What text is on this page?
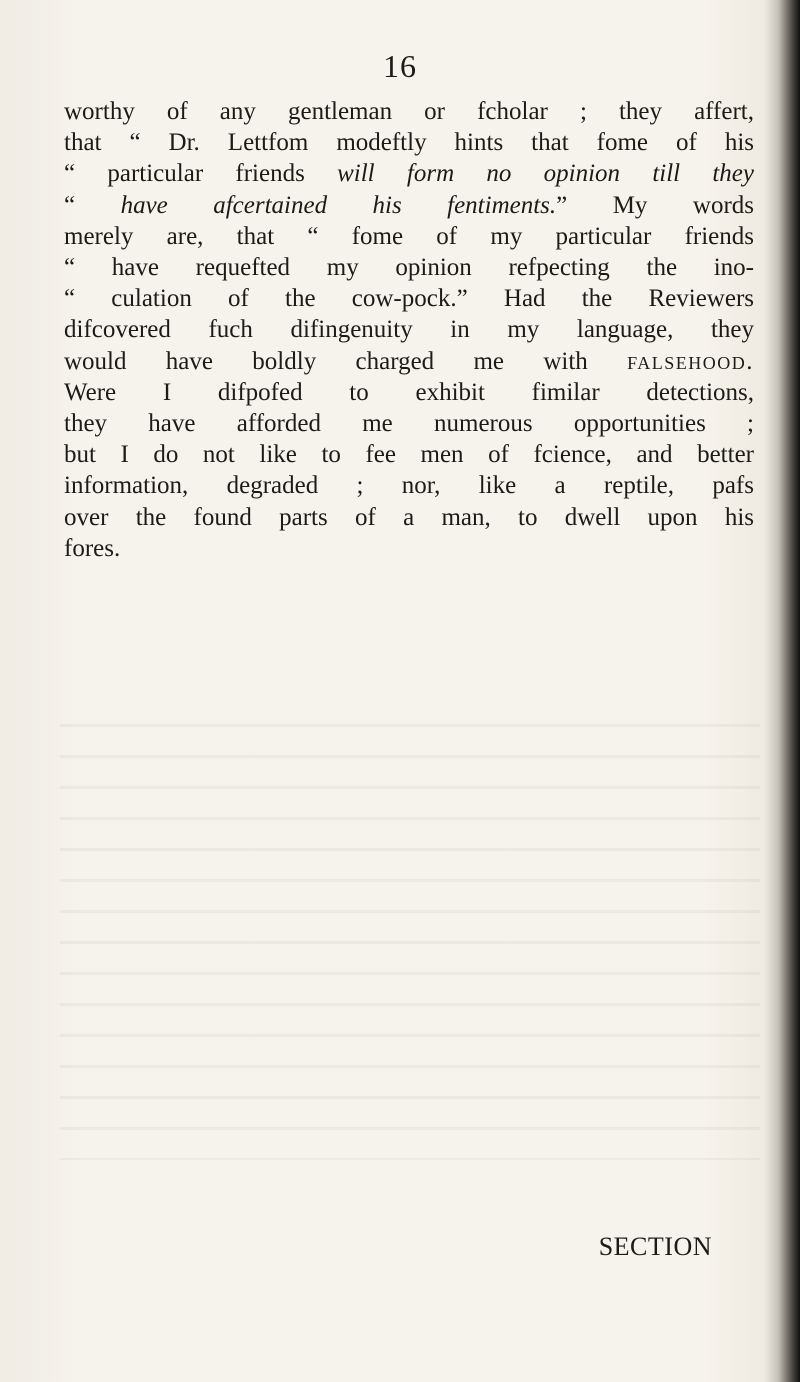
16
worthy of any gentleman or fcholar ; they affert,
that “ Dr. Lettfom modeftly hints that fome of his
“ particular friends will form no opinion till they
“ have afcertained his fentiments.” My words
merely are, that “ fome of my particular friends
“ have requefted my opinion refpecting the ino-
“ culation of the cow-pock.” Had the Reviewers
difcovered fuch difingenuity in my language, they
would have boldly charged me with falsehood.
Were I difpofed to exhibit fimilar detections,
they have afforded me numerous opportunities ;
but I do not like to fee men of fcience, and better
information, degraded ; nor, like a reptile, pafs
over the found parts of a man, to dwell upon his
fores.
SECTION
